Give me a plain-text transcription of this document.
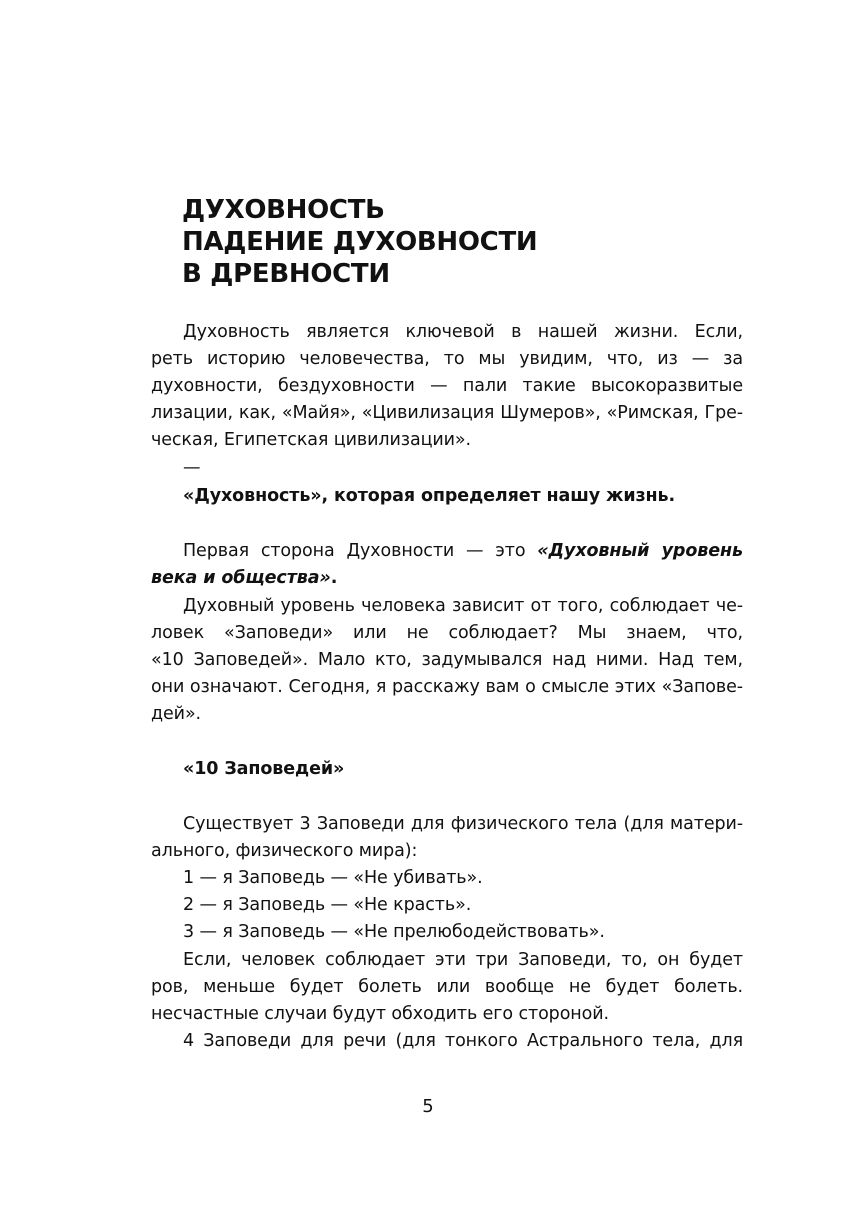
ДУХОВНОСТЬ
ПАДЕНИЕ ДУХОВНОСТИ
В ДРЕВНОСТИ
Духовность является ключевой в нашей жизни. Если,
реть историю человечества, то мы увидим, что, из — за
духовности, бездуховности — пали такие высокоразвитые
лизации, как, «Майя», «Цивилизация Шумеров», «Римская, Гре-
ческая, Египетская цивилизации».
—
«Духовность», которая определяет нашу жизнь.
Первая сторона Духовности — это «Духовный уровень
века и общества».
Духовный уровень человека зависит от того, соблюдает че-
ловек «Заповеди» или не соблюдает? Мы знаем, что,
«10 Заповедей». Мало кто, задумывался над ними. Над тем,
они означают. Сегодня, я расскажу вам о смысле этих «Запове-
дей».
«10 Заповедей»
Существует 3 Заповеди для физического тела (для матери-
ального, физического мира):
1 — я Заповедь — «Не убивать».
2 — я Заповедь — «Не красть».
3 — я Заповедь — «Не прелюбодействовать».
Если, человек соблюдает эти три Заповеди, то, он будет
ров, меньше будет болеть или вообще не будет болеть.
несчастные случаи будут обходить его стороной.
4 Заповеди для речи (для тонкого Астрального тела, для
5
